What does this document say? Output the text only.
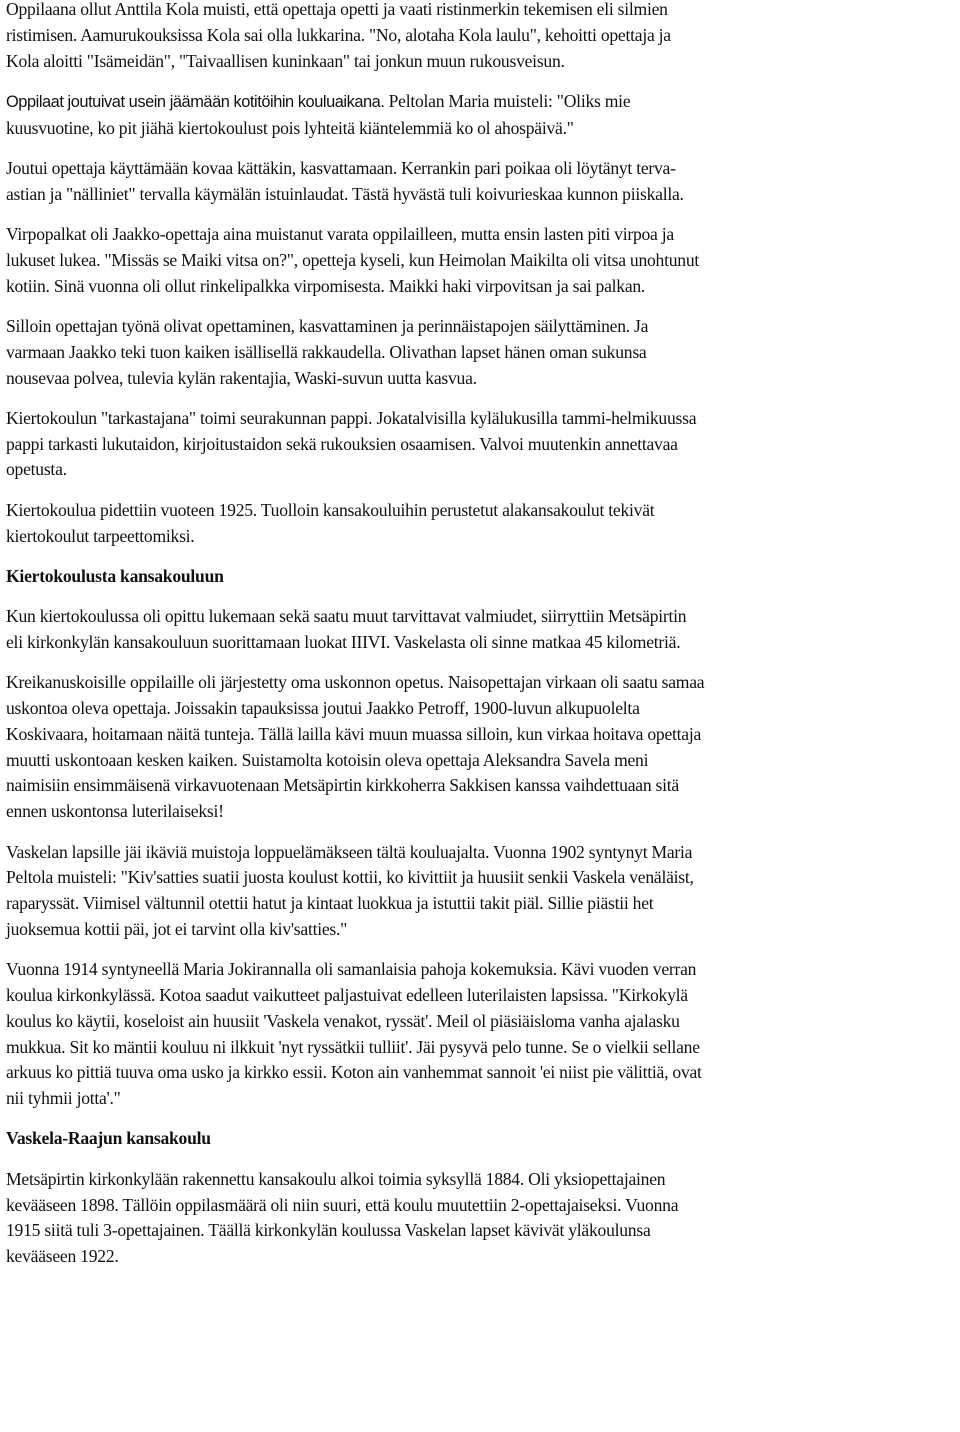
Oppilaana ollut Anttila Kola muisti, että opettaja opetti ja vaati ristinmerkin tekemisen eli silmien
ristimisen. Aamurukouksissa Kola sai olla lukkarina. "No, alotaha Kola laulu", kehoitti opettaja ja
Kola aloitti "Isämeidän", "Taivaallisen kuninkaan" tai jonkun muun rukousveisun.

Oppilaat joutuivat usein jäämään kotitöihin kouluaikana. Peltolan Maria muisteli: "Oliks mie
kuusvuotine, ko pit jiähä kiertokoulust pois lyhteitä kiäntelemmiä ko ol ahospäivä."

Joutui opettaja käyttämään kovaa kättäkin, kasvattamaan. Kerrankin pari poikaa oli löytänyt terva-
astian ja "nälliniet" tervalla käymälän istuinlaudat. Tästä hyvästä tuli koivurieskaa kunnon piiskalla.

Virpopalkat oli Jaakko-opettaja aina muistanut varata oppilailleen, mutta ensin lasten piti virpoa ja
lukuset lukea. "Missäs se Maiki vitsa on?", opetteja kyseli, kun Heimolan Maikilta oli vitsa unohtunut
kotiin. Sinä vuonna oli ollut rinkelipalkka virpomisesta. Maikki haki virpovitsan ja sai palkan.

Silloin opettajan työnä olivat opettaminen, kasvattaminen ja perinnäistapojen säilyttäminen. Ja
varmaan Jaakko teki tuon kaiken isällisellä rakkaudella. Olivathan lapset hänen oman sukunsa
nousevaa polvea, tulevia kylän rakentajia, Waski-suvun uutta kasvua.

Kiertokoulun "tarkastajana" toimi seurakunnan pappi. Jokatalvisilla kylälukusilla tammi-helmikuussa
pappi tarkasti lukutaidon, kirjoitustaidon sekä rukouksien osaamisen. Valvoi muutenkin annettavaa
opetusta.

Kiertokoulua pidettiin vuoteen 1925. Tuolloin kansakouluihin perustetut alakansakoulut tekivät
kiertokoulut tarpeettomiksi.

Kiertokoulusta kansakouluun

Kun kiertokoulussa oli opittu lukemaan sekä saatu muut tarvittavat valmiudet, siirryttiin Metsäpirtin
eli kirkonkylän kansakouluun suorittamaan luokat IIIVI. Vaskelasta oli sinne matkaa 45 kilometriä.

Kreikanuskoisille oppilaille oli järjestetty oma uskonnon opetus. Naisopettajan virkaan oli saatu samaa
uskontoa oleva opettaja. Joissakin tapauksissa joutui Jaakko Petroff, 1900-luvun alkupuolelta
Koskivaara, hoitamaan näitä tunteja. Tällä lailla kävi muun muassa silloin, kun virkaa hoitava opettaja
muutti uskontoaan kesken kaiken. Suistamolta kotoisin oleva opettaja Aleksandra Savela meni
naimisiin ensimmäisenä virkavuotenaan Metsäpirtin kirkkoherra Sakkisen kanssa vaihdettuaan sitä
ennen uskontonsa luterilaiseksi!

Vaskelan lapsille jäi ikäviä muistoja loppuelämäkseen tältä kouluajalta. Vuonna 1902 syntynyt Maria
Peltola muisteli: "Kiv'satties suatii juosta koulust kottii, ko kivittiit ja huusiit senkii Vaskela venäläist,
raparyssät. Viimisel vältunnil otettii hatut ja kintaat luokkua ja istuttii takit piäl. Sillie piästii het
juoksemua kottii päi, jot ei tarvint olla kiv'satties."

Vuonna 1914 syntyneellä Maria Jokirannalla oli samanlaisia pahoja kokemuksia. Kävi vuoden verran
koulua kirkonkylässä. Kotoa saadut vaikutteet paljastuivat edelleen luterilaisten lapsissa. "Kirkokylä
koulus ko käytii, koseloist ain huusiit 'Vaskela venakot, ryssät'. Meil ol piäsiäisloma vanha ajalasku
mukkua. Sit ko mäntii kouluu ni ilkkuit 'nyt ryssätkii tulliit'. Jäi pysyvä pelo tunne. Se o vielkii sellane
arkuus ko pittiä tuuva oma usko ja kirkko essii. Koton ain vanhemmat sannoit 'ei niist pie välittiä, ovat
nii tyhmii jotta'."

Vaskela-Raajun kansakoulu

Metsäpirtin kirkonkylään rakennettu kansakoulu alkoi toimia syksyllä 1884. Oli yksiopettajainen
kevääseen 1898. Tällöin oppilasmäärä oli niin suuri, että koulu muutettiin 2-opettajaiseksi. Vuonna
1915 siitä tuli 3-opettajainen. Täällä kirkonkylän koulussa Vaskelan lapset kävivät yläkoulunsa
kevääseen 1922.
